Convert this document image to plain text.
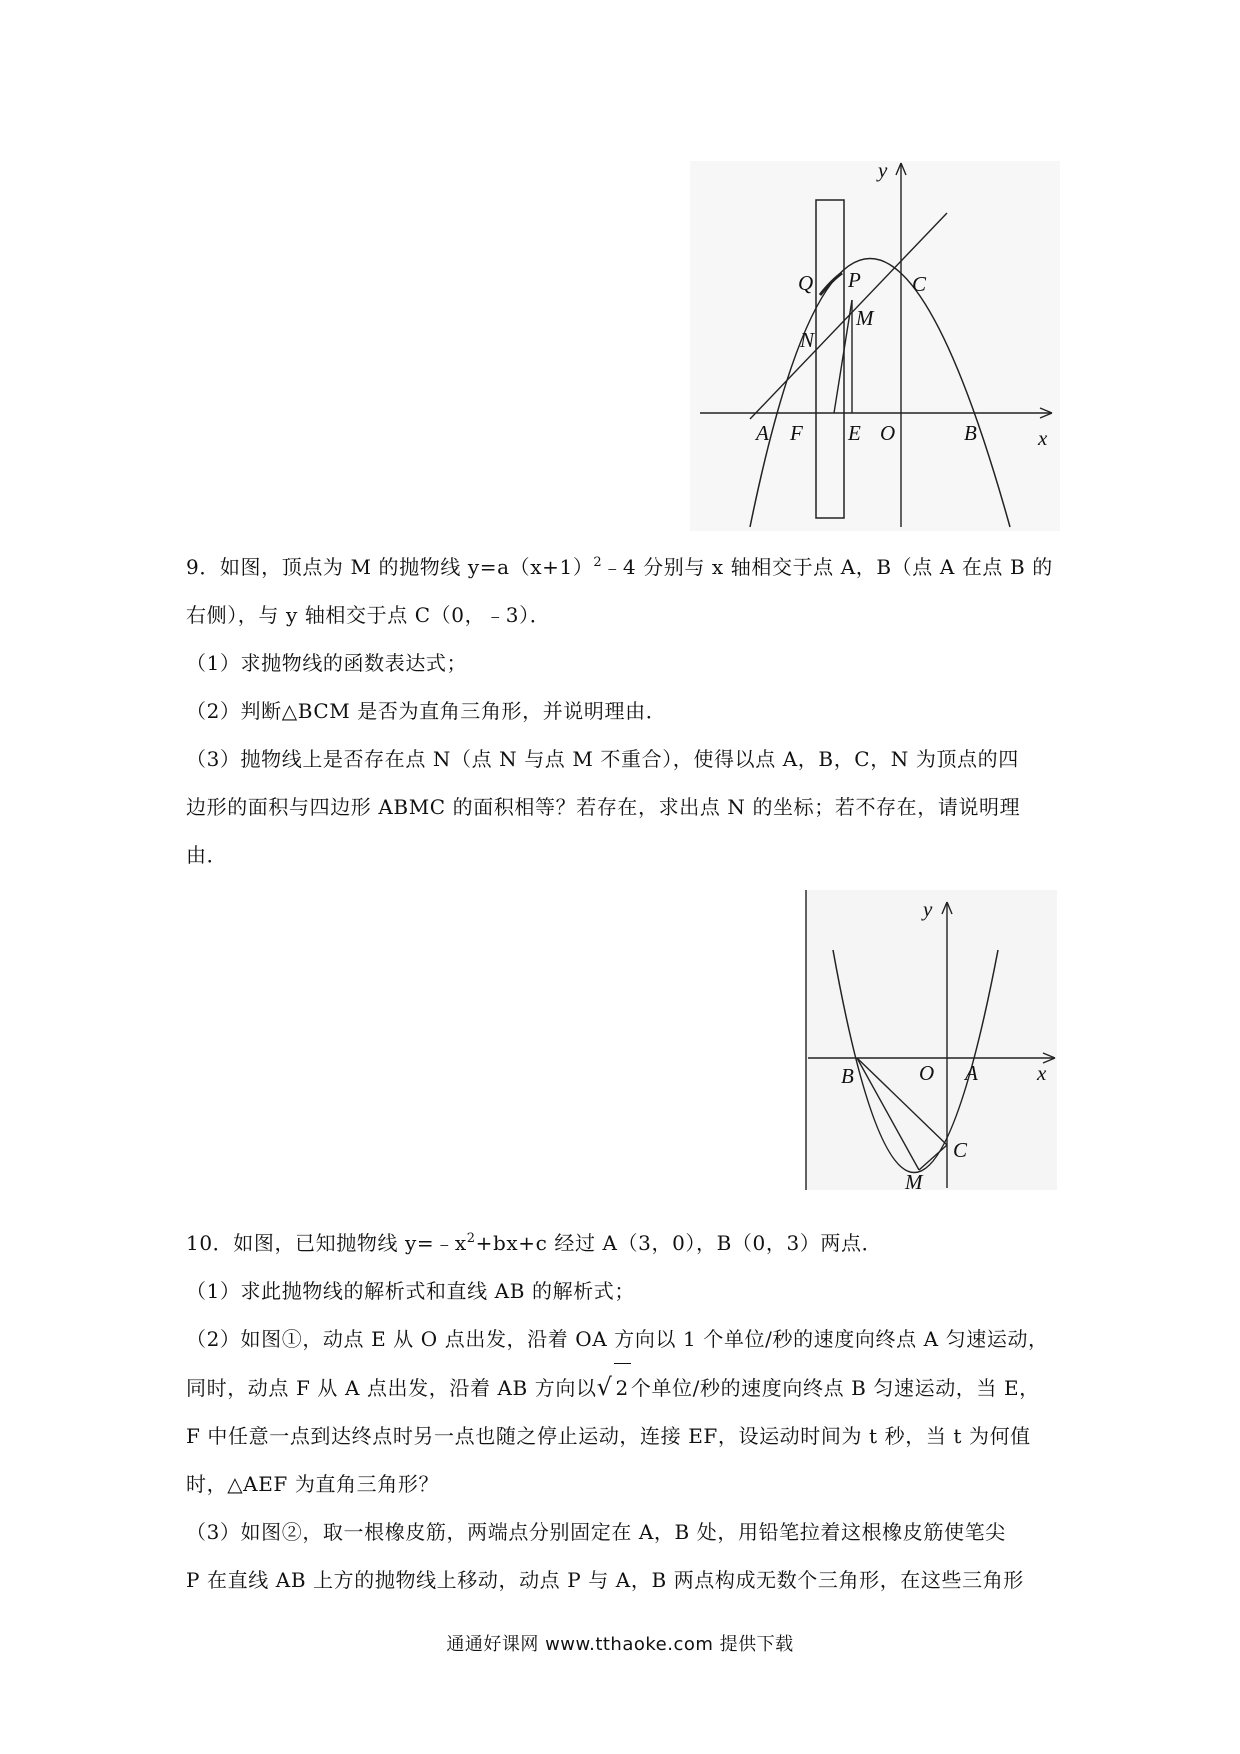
y
x
Q P C
M
N
A F E O	B
9．如图，顶点为 M 的抛物线 $y=a(x+1)^2﹣4$ 分别与 x 轴相交于点 A，B（点 A 在点 B 的
右侧），与 y 轴相交于点 C（0，﹣3）．
（1）求抛物线的函数表达式；
（2）判断△BCM 是否为直角三角形，并说明理由．
（3）抛物线上是否存在点 N（点 N 与点 M 不重合），使得以点 A，B，C，N 为顶点的四
边形的面积与四边形 ABMC 的面积相等？若存在，求出点 N 的坐标；若不存在，请说明理
由．
y
x
B	O A
C
M
10．如图，已知抛物线 $y=﹣x^2+bx+c$ 经过 A（3，0），B（0，3）两点．
（1）求此抛物线的解析式和直线 AB 的解析式；
（2）如图①，动点 E 从 O 点出发，沿着 OA 方向以 1 个单位/秒的速度向终点 A 匀速运动，
同时，动点 F 从 A 点出发，沿着 AB 方向以√ 2 个单位/秒的速度向终点 B 匀速运动，当 E，
F 中任意一点到达终点时另一点也随之停止运动，连接 EF，设运动时间为 t 秒，当 t 为何值
时，△AEF 为直角三角形？
（3）如图②，取一根橡皮筋，两端点分别固定在 A，B 处，用铅笔拉着这根橡皮筋使笔尖
P 在直线 AB 上方的抛物线上移动，动点 P 与 A，B 两点构成无数个三角形，在这些三角形
通通好课网 www.tthaoke.com 提供下载
